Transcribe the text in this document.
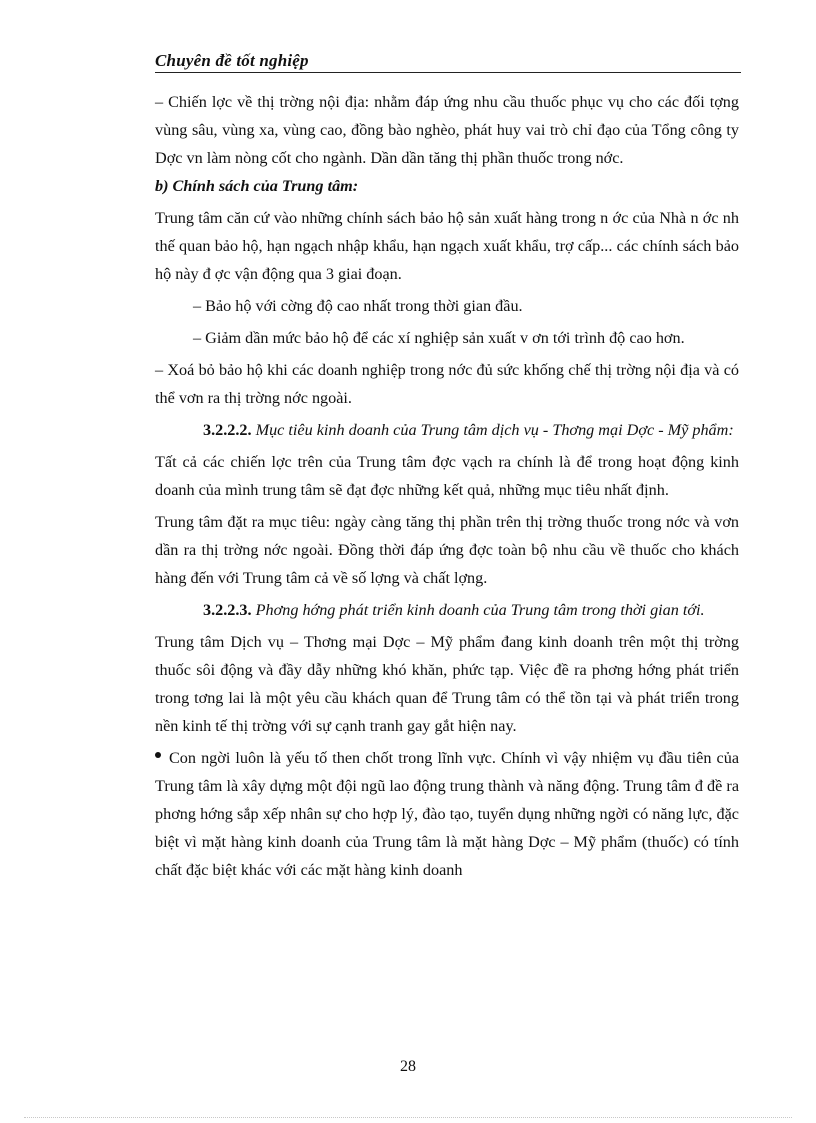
Chuyên đề tốt nghiệp

– Chiến lợc về thị trờng nội địa: nhằm đáp ứng nhu cầu thuốc phục vụ cho các đối tợng vùng sâu, vùng xa, vùng cao, đồng bào nghèo, phát huy vai trò chỉ đạo của Tổng công ty Dợc vn làm nòng cốt cho ngành. Dần dần tăng thị phần thuốc trong nớc.

b) Chính sách của Trung tâm:

Trung tâm căn cứ vào những chính sách bảo hộ sản xuất hàng trong n ớc của Nhà n ớc nh thế quan bảo hộ, hạn ngạch nhập khẩu, hạn ngạch xuất khẩu, trợ cấp... các chính sách bảo hộ này đ ợc vận động qua 3 giai đoạn.

– Bảo hộ với cờng độ cao nhất trong thời gian đầu.

– Giảm dần mức bảo hộ để các xí nghiệp sản xuất v ơn tới trình độ cao hơn.

– Xoá bỏ bảo hộ khi các doanh nghiệp trong nớc đủ sức khống chế thị trờng nội địa và có thể vơn ra thị trờng nớc ngoài.

3.2.2.2. Mục tiêu kinh doanh của Trung tâm dịch vụ - Thơng mại Dợc - Mỹ phẩm:

Tất cả các chiến lợc trên của Trung tâm đợc vạch ra chính là để trong hoạt động kinh doanh của mình trung tâm sẽ đạt đợc những kết quả, những mục tiêu nhất định.

Trung tâm đặt ra mục tiêu: ngày càng tăng thị phần trên thị trờng thuốc trong nớc và vơn dần ra thị trờng nớc ngoài. Đồng thời đáp ứng đợc toàn bộ nhu cầu về thuốc cho khách hàng đến với Trung tâm cả về số lợng và chất lợng.

3.2.2.3. Phơng hớng phát triển kinh doanh của Trung tâm trong thời gian tới.

Trung tâm Dịch vụ – Thơng mại Dợc – Mỹ phẩm đang kinh doanh trên một thị trờng thuốc sôi động và đầy dẫy những khó khăn, phức tạp. Việc đề ra phơng hớng phát triển trong tơng lai là một yêu cầu khách quan để Trung tâm có thể tồn tại và phát triển trong nền kinh tế thị trờng với sự cạnh tranh gay gắt hiện nay.

Con ngời luôn là yếu tố then chốt trong lĩnh vực. Chính vì vậy nhiệm vụ đầu tiên của Trung tâm là xây dựng một đội ngũ lao động trung thành và năng động. Trung tâm đ đề ra phơng hớng sắp xếp nhân sự cho hợp lý, đào tạo, tuyển dụng những ngời có năng lực, đặc biệt vì mặt hàng kinh doanh của Trung tâm là mặt hàng Dợc – Mỹ phẩm (thuốc) có tính chất đặc biệt khác với các mặt hàng kinh doanh

28
